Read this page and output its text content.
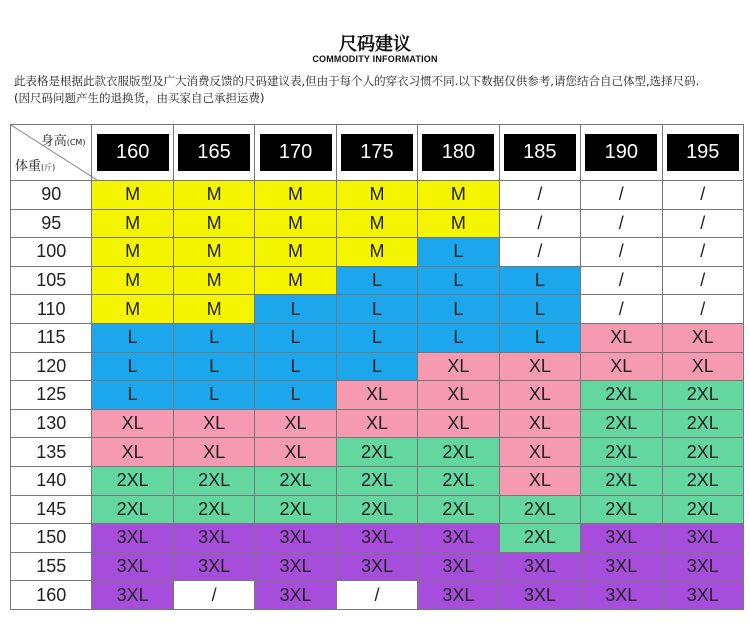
尺码建议
COMMODITY INFORMATION
此表格是根据此款衣服版型及广大消费反馈的尺码建议表,但由于每个人的穿衣习惯不同.以下数据仅供参考,请您结合自己体型,选择尺码.(因尺码问题产生的退换货，由买家自己承担运费)
身高(CM)
体重(斤)	160	165	170	175	180	185	190	195

90	M	M	M	M	M	/	/	/
95	M	M	M	M	M	/	/	/
100	M	M	M	M	L	/	/	/
105	M	M	M	L	L	L	/	/
110	M	M	L	L	L	L	/	/
115	L	L	L	L	L	L	XL	XL
120	L	L	L	L	XL	XL	XL	XL
125	L	L	L	XL	XL	XL	2XL	2XL
130	XL	XL	XL	XL	XL	XL	2XL	2XL
135	XL	XL	XL	2XL	2XL	XL	2XL	2XL
140	2XL	2XL	2XL	2XL	2XL	XL	2XL	2XL
145	2XL	2XL	2XL	2XL	2XL	2XL	2XL	2XL
150	3XL	3XL	3XL	3XL	3XL	2XL	3XL	3XL
155	3XL	3XL	3XL	3XL	3XL	3XL	3XL	3XL
160	3XL	/	3XL	/	3XL	3XL	3XL	3XL
